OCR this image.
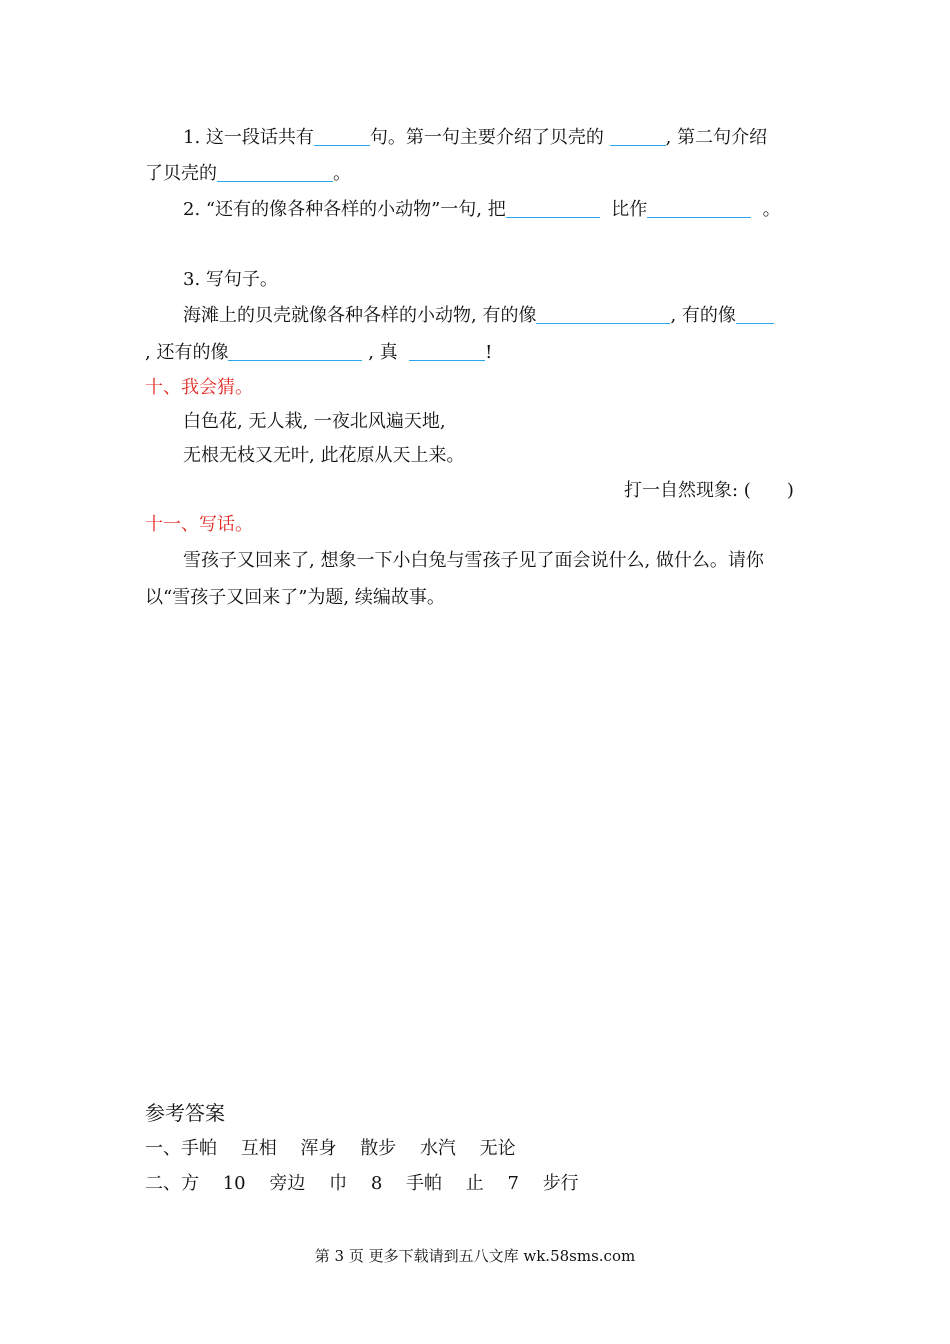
1. 这一段话共有	句。第一句主要介绍了贝壳的	, 第二句介绍
了贝壳的	。
2. “还有的像各种各样的小动物”一句, 把	比作	。
3. 写句子。
海滩上的贝壳就像各种各样的小动物, 有的像	, 有的像
, 还有的像	, 真	!
十、我会猜。
白色花, 无人栽, 一夜北风遍天地,
无根无枝又无叶, 此花原从天上来。
打一自然现象: ( )
十一、写话。
雪孩子又回来了, 想象一下小白兔与雪孩子见了面会说什么, 做什么。请你
以“雪孩子又回来了”为题, 续编故事。
参考答案
一、手帕 互相 浑身 散步 水汽 无论
二、方 10 旁边 巾 8 手帕 止 7 步行
第 3 页 更多下载请到五八文库 wk.58sms.com
